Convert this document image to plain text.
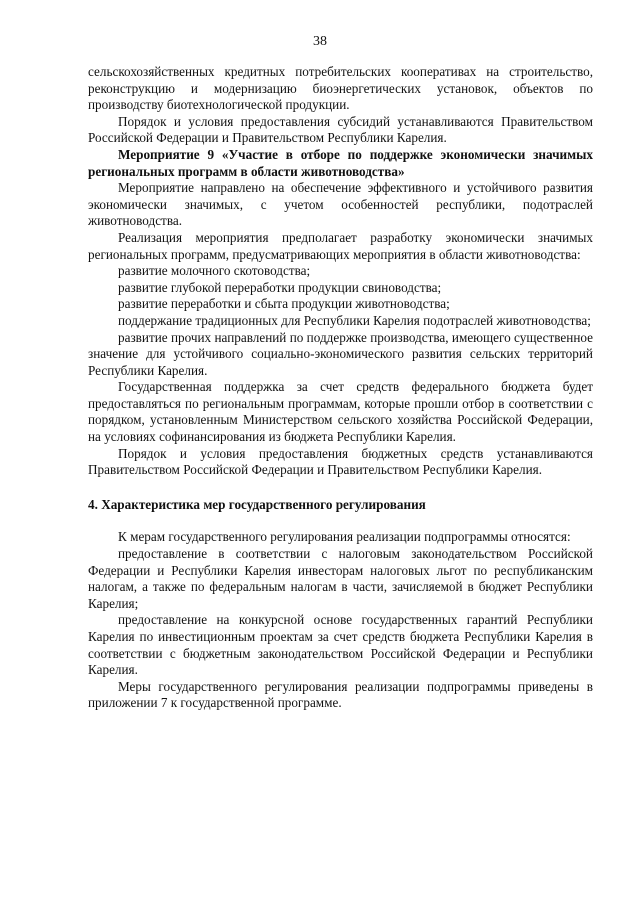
38

сельскохозяйственных кредитных потребительских кооперативах на строительство, реконструкцию и модернизацию биоэнергетических установок, объектов по производству биотехнологической продукции.

Порядок и условия предоставления субсидий устанавливаются Правительством Российской Федерации и Правительством Республики Карелия.

Мероприятие 9 «Участие в отборе по поддержке экономически значимых региональных программ в области животноводства»

Мероприятие направлено на обеспечение эффективного и устойчивого развития экономически значимых, с учетом особенностей республики, подотраслей животноводства.

Реализация мероприятия предполагает разработку экономически значимых региональных программ, предусматривающих мероприятия в области животноводства:

развитие молочного скотоводства;

развитие глубокой переработки продукции свиноводства;

развитие переработки и сбыта продукции животноводства;

поддержание традиционных для Республики Карелия подотраслей животноводства;

развитие прочих направлений по поддержке производства, имеющего существенное значение для устойчивого социально-экономического развития сельских территорий Республики Карелия.

Государственная поддержка за счет средств федерального бюджета будет предоставляться по региональным программам, которые прошли отбор в соответствии с порядком, установленным Министерством сельского хозяйства Российской Федерации, на условиях софинансирования из бюджета Республики Карелия.

Порядок и условия предоставления бюджетных средств устанавливаются Правительством Российской Федерации и Правительством Республики Карелия.

4. Характеристика мер государственного регулирования

К мерам государственного регулирования реализации подпрограммы относятся:

предоставление в соответствии с налоговым законодательством Российской Федерации и Республики Карелия инвесторам налоговых льгот по республиканским налогам, а также по федеральным налогам в части, зачисляемой в бюджет Республики Карелия;

предоставление на конкурсной основе государственных гарантий Республики Карелия по инвестиционным проектам за счет средств бюджета Республики Карелия в соответствии с бюджетным законодательством Российской Федерации и Республики Карелия.

Меры государственного регулирования реализации подпрограммы приведены в приложении 7 к государственной программе.
